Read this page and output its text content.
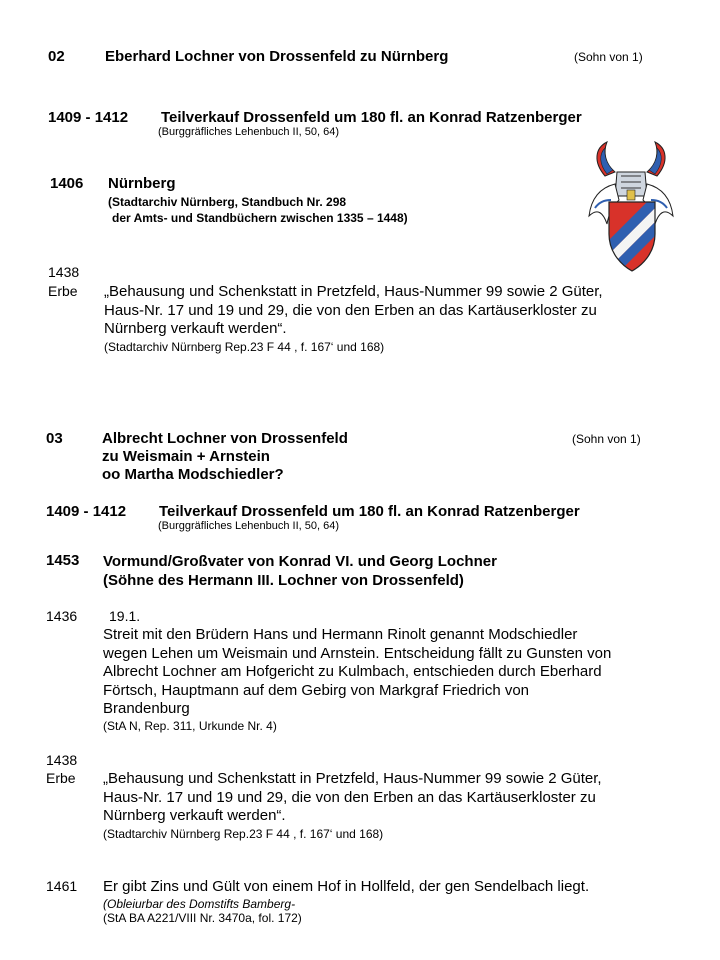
02	Eberhard Lochner von Drossenfeld zu Nürnberg	(Sohn von 1)
1409 - 1412 Teilverkauf Drossenfeld um 180 fl. an Konrad Ratzenberger
(Burggräfliches Lehenbuch II, 50, 64)
1406 Nürnberg
(Stadtarchiv Nürnberg, Standbuch Nr. 298
der Amts- und Standbüchern zwischen 1335 – 1448)
1438
Erbe „Behausung und Schenkstatt in Pretzfeld, Haus-Nummer 99 sowie 2 Güter,
Haus-Nr. 17 und 19 und 29, die von den Erben an das Kartäuserkloster zu
Nürnberg verkauft werden“.
(Stadtarchiv Nürnberg Rep.23 F 44 , f. 167‘ und 168)
03	Albrecht Lochner von Drossenfeld
zu Weismain + Arnstein
oo Martha Modschiedler?
(Sohn von 1)
1409 - 1412 Teilverkauf Drossenfeld um 180 fl. an Konrad Ratzenberger
(Burggräfliches Lehenbuch II, 50, 64)
1453 Vormund/Großvater von Konrad VI. und Georg Lochner
(Söhne des Hermann III. Lochner von Drossenfeld)
1436 19.1.
Streit mit den Brüdern Hans und Hermann Rinolt genannt Modschiedler
wegen Lehen um Weismain und Arnstein. Entscheidung fällt zu Gunsten von
Albrecht Lochner am Hofgericht zu Kulmbach, entschieden durch Eberhard
Förtsch, Hauptmann auf dem Gebirg von Markgraf Friedrich von
Brandenburg
(StA N, Rep. 311, Urkunde Nr. 4)
1438
Erbe „Behausung und Schenkstatt in Pretzfeld, Haus-Nummer 99 sowie 2 Güter,
Haus-Nr. 17 und 19 und 29, die von den Erben an das Kartäuserkloster zu
Nürnberg verkauft werden“.
(Stadtarchiv Nürnberg Rep.23 F 44 , f. 167‘ und 168)
1461 Er gibt Zins und Gült von einem Hof in Hollfeld, der gen Sendelbach liegt.
(Obleiurbar des Domstifts Bamberg-
(StA BA A221/VIII Nr. 3470a, fol. 172)
